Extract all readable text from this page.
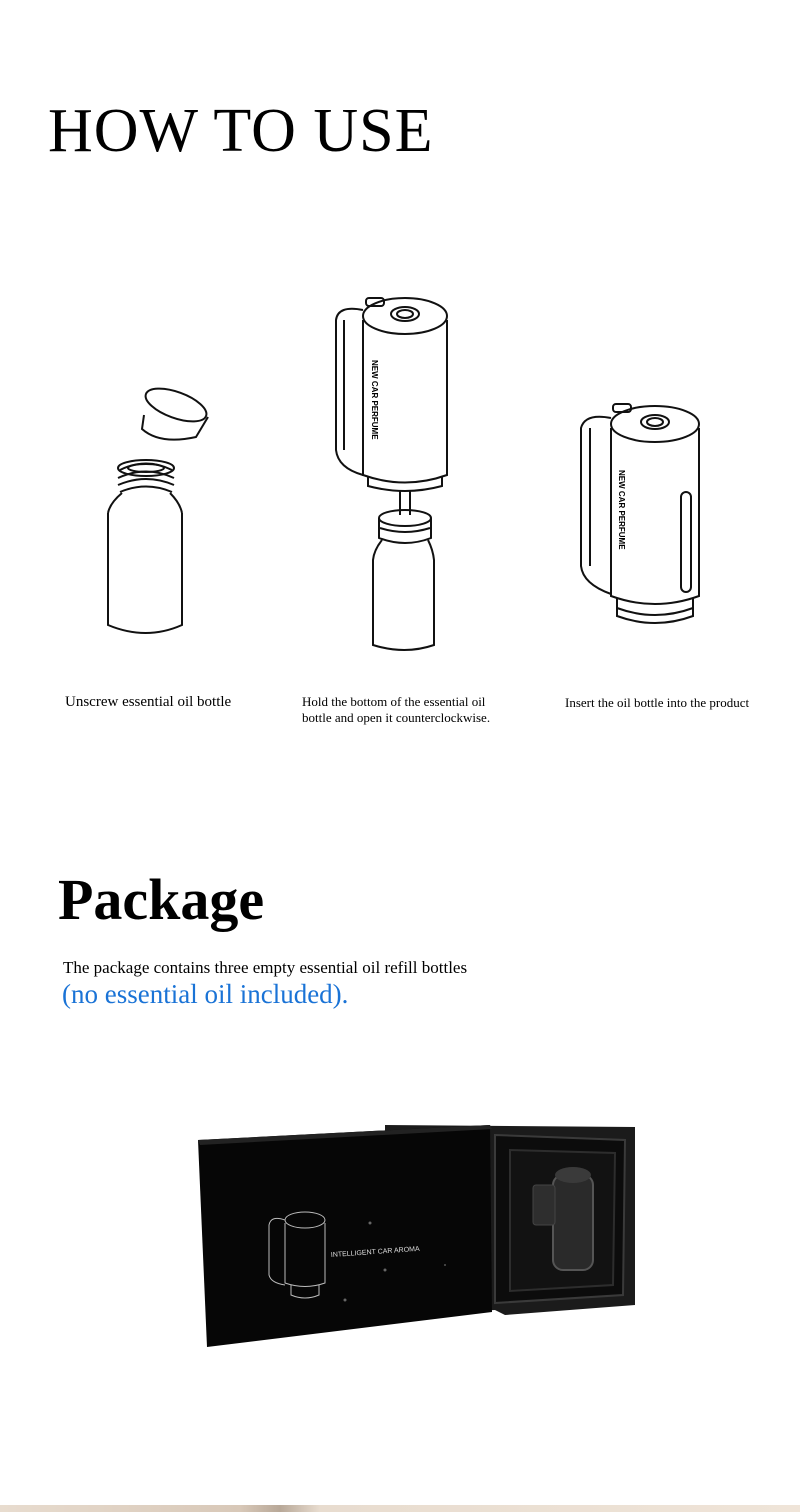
HOW TO USE
NEW CAR PERFUME
NEW CAR PERFUME
Unscrew essential oil bottle	Hold the bottom of the essential oil
bottle and open it counterclockwise.
Insert the oil bottle into the product
Package
The package contains three empty essential oil refill bottles
(no essential oil included).
INTELLIGENT CAR AROMA
